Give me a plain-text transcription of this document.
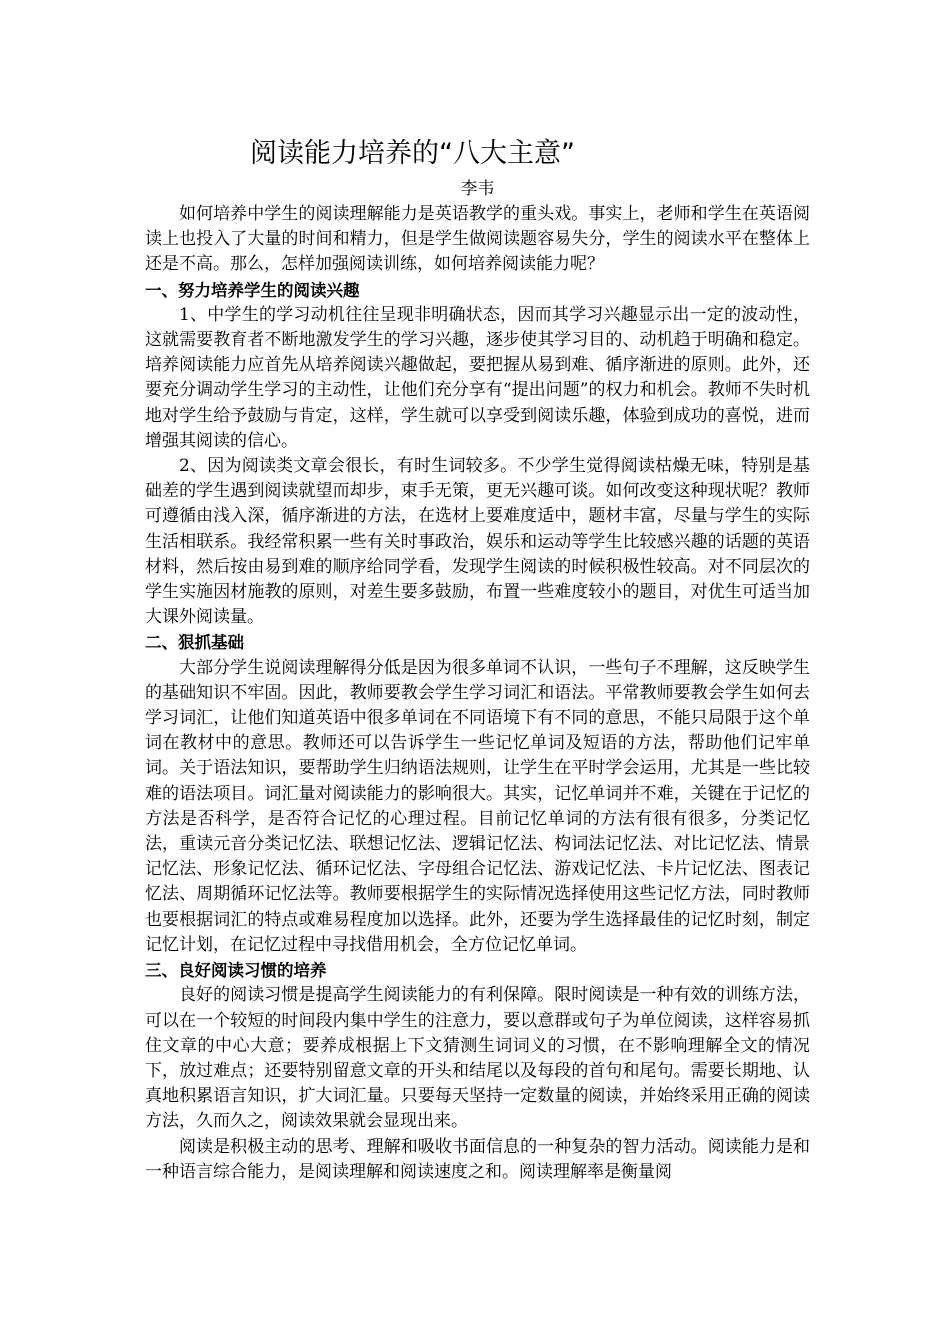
阅读能力培养的“八大主意”

李韦

如何培养中学生的阅读理解能力是英语教学的重头戏。事实上，老师和学生在英语阅读上也投入了大量的时间和精力，但是学生做阅读题容易失分，学生的阅读水平在整体上还是不高。那么，怎样加强阅读训练，如何培养阅读能力呢？

一、努力培养学生的阅读兴趣

1、中学生的学习动机往往呈现非明确状态，因而其学习兴趣显示出一定的波动性，这就需要教育者不断地激发学生的学习兴趣，逐步使其学习目的、动机趋于明确和稳定。培养阅读能力应首先从培养阅读兴趣做起，要把握从易到难、循序渐进的原则。此外，还要充分调动学生学习的主动性，让他们充分享有“提出问题”的权力和机会。教师不失时机地对学生给予鼓励与肯定，这样，学生就可以享受到阅读乐趣，体验到成功的喜悦，进而增强其阅读的信心。

2、因为阅读类文章会很长，有时生词较多。不少学生觉得阅读枯燥无味，特别是基础差的学生遇到阅读就望而却步，束手无策，更无兴趣可谈。如何改变这种现状呢？教师可遵循由浅入深，循序渐进的方法，在选材上要难度适中，题材丰富，尽量与学生的实际生活相联系。我经常积累一些有关时事政治，娱乐和运动等学生比较感兴趣的话题的英语材料，然后按由易到难的顺序给同学看，发现学生阅读的时候积极性较高。对不同层次的学生实施因材施教的原则，对差生要多鼓励，布置一些难度较小的题目，对优生可适当加大课外阅读量。

二、狠抓基础

大部分学生说阅读理解得分低是因为很多单词不认识，一些句子不理解，这反映学生的基础知识不牢固。因此，教师要教会学生学习词汇和语法。平常教师要教会学生如何去学习词汇，让他们知道英语中很多单词在不同语境下有不同的意思，不能只局限于这个单词在教材中的意思。教师还可以告诉学生一些记忆单词及短语的方法，帮助他们记牢单词。关于语法知识，要帮助学生归纳语法规则，让学生在平时学会运用，尤其是一些比较难的语法项目。词汇量对阅读能力的影响很大。其实，记忆单词并不难，关键在于记忆的方法是否科学，是否符合记忆的心理过程。目前记忆单词的方法有很有很多，分类记忆法，重读元音分类记忆法、联想记忆法、逻辑记忆法、构词法记忆法、对比记忆法、情景记忆法、形象记忆法、循环记忆法、字母组合记忆法、游戏记忆法、卡片记忆法、图表记忆法、周期循环记忆法等。教师要根据学生的实际情况选择使用这些记忆方法，同时教师也要根据词汇的特点或难易程度加以选择。此外，还要为学生选择最佳的记忆时刻，制定记忆计划，在记忆过程中寻找借用机会，全方位记忆单词。

三、良好阅读习惯的培养

良好的阅读习惯是提高学生阅读能力的有利保障。限时阅读是一种有效的训练方法，可以在一个较短的时间段内集中学生的注意力，要以意群或句子为单位阅读，这样容易抓住文章的中心大意；要养成根据上下文猜测生词词义的习惯，在不影响理解全文的情况下，放过难点；还要特别留意文章的开头和结尾以及每段的首句和尾句。需要长期地、认真地积累语言知识，扩大词汇量。只要每天坚持一定数量的阅读，并始终采用正确的阅读方法，久而久之，阅读效果就会显现出来。

阅读是积极主动的思考、理解和吸收书面信息的一种复杂的智力活动。阅读能力是和一种语言综合能力，是阅读理解和阅读速度之和。阅读理解率是衡量阅
